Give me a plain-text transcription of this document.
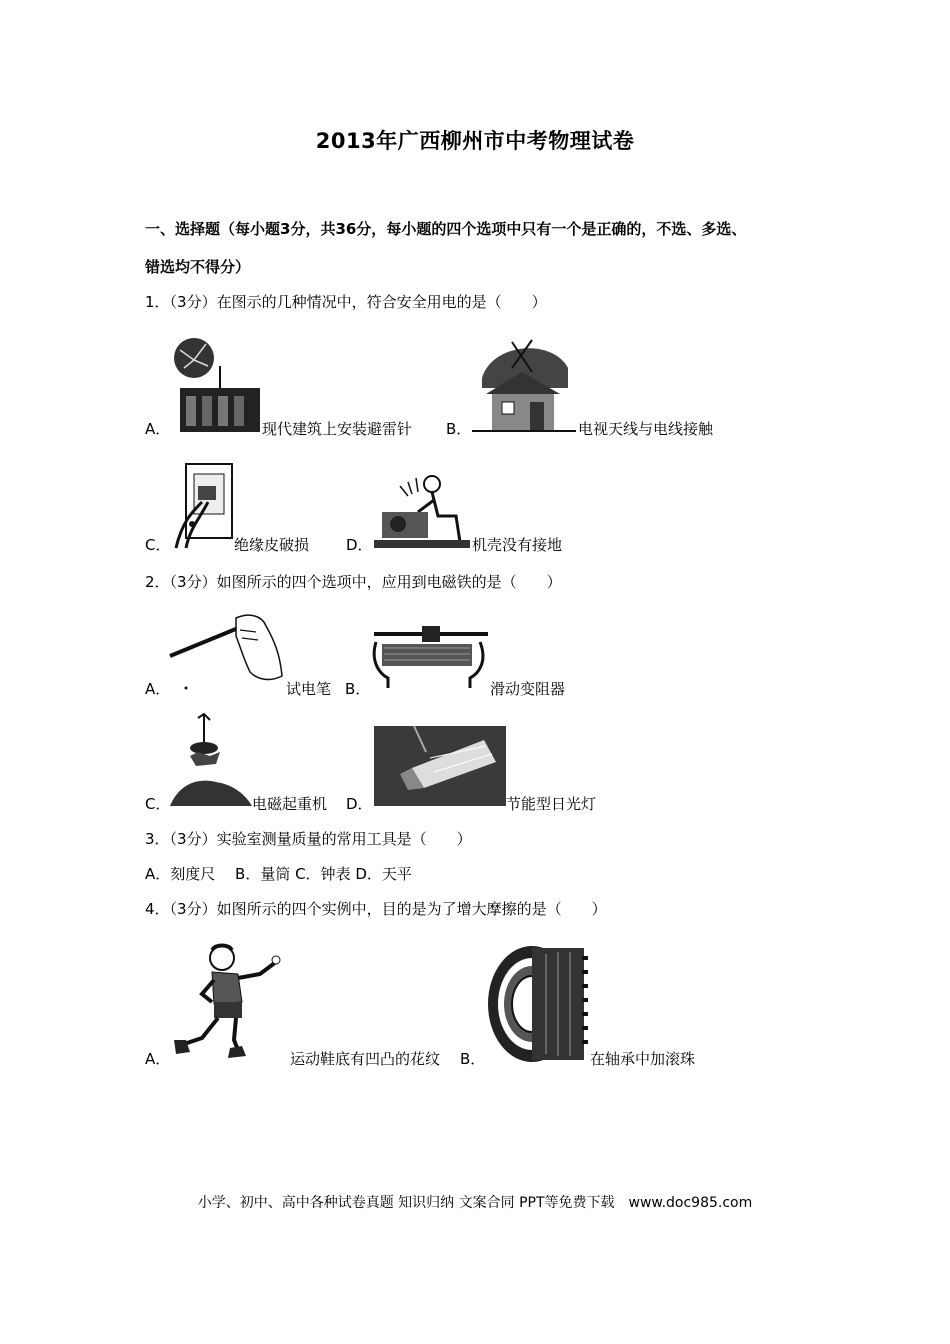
2013年广西柳州市中考物理试卷
一、选择题（每小题3分，共36分，每小题的四个选项中只有一个是正确的，不选、多选、
错选均不得分）
1．（3分）在图示的几种情况中，符合安全用电的是（　　）
A．	现代建筑上安装避雷针 B．	电视天线与电线接触
C．	绝缘皮破损 D．	机壳没有接地
2．（3分）如图所示的四个选项中，应用到电磁铁的是（　　）
A．	试电笔 B．	滑动变阻器
C．	电磁起重机 D．	节能型日光灯
3．（3分）实验室测量质量的常用工具是（　　）
A．刻度尺　 B．量筒 C．钟表 D．天平
4．（3分）如图所示的四个实例中，目的是为了增大摩擦的是（　　）
A．	运动鞋底有凹凸的花纹 B．	在轴承中加滚珠
小学、初中、高中各种试卷真题 知识归纳 文案合同 PPT等免费下载　www.doc985.com
